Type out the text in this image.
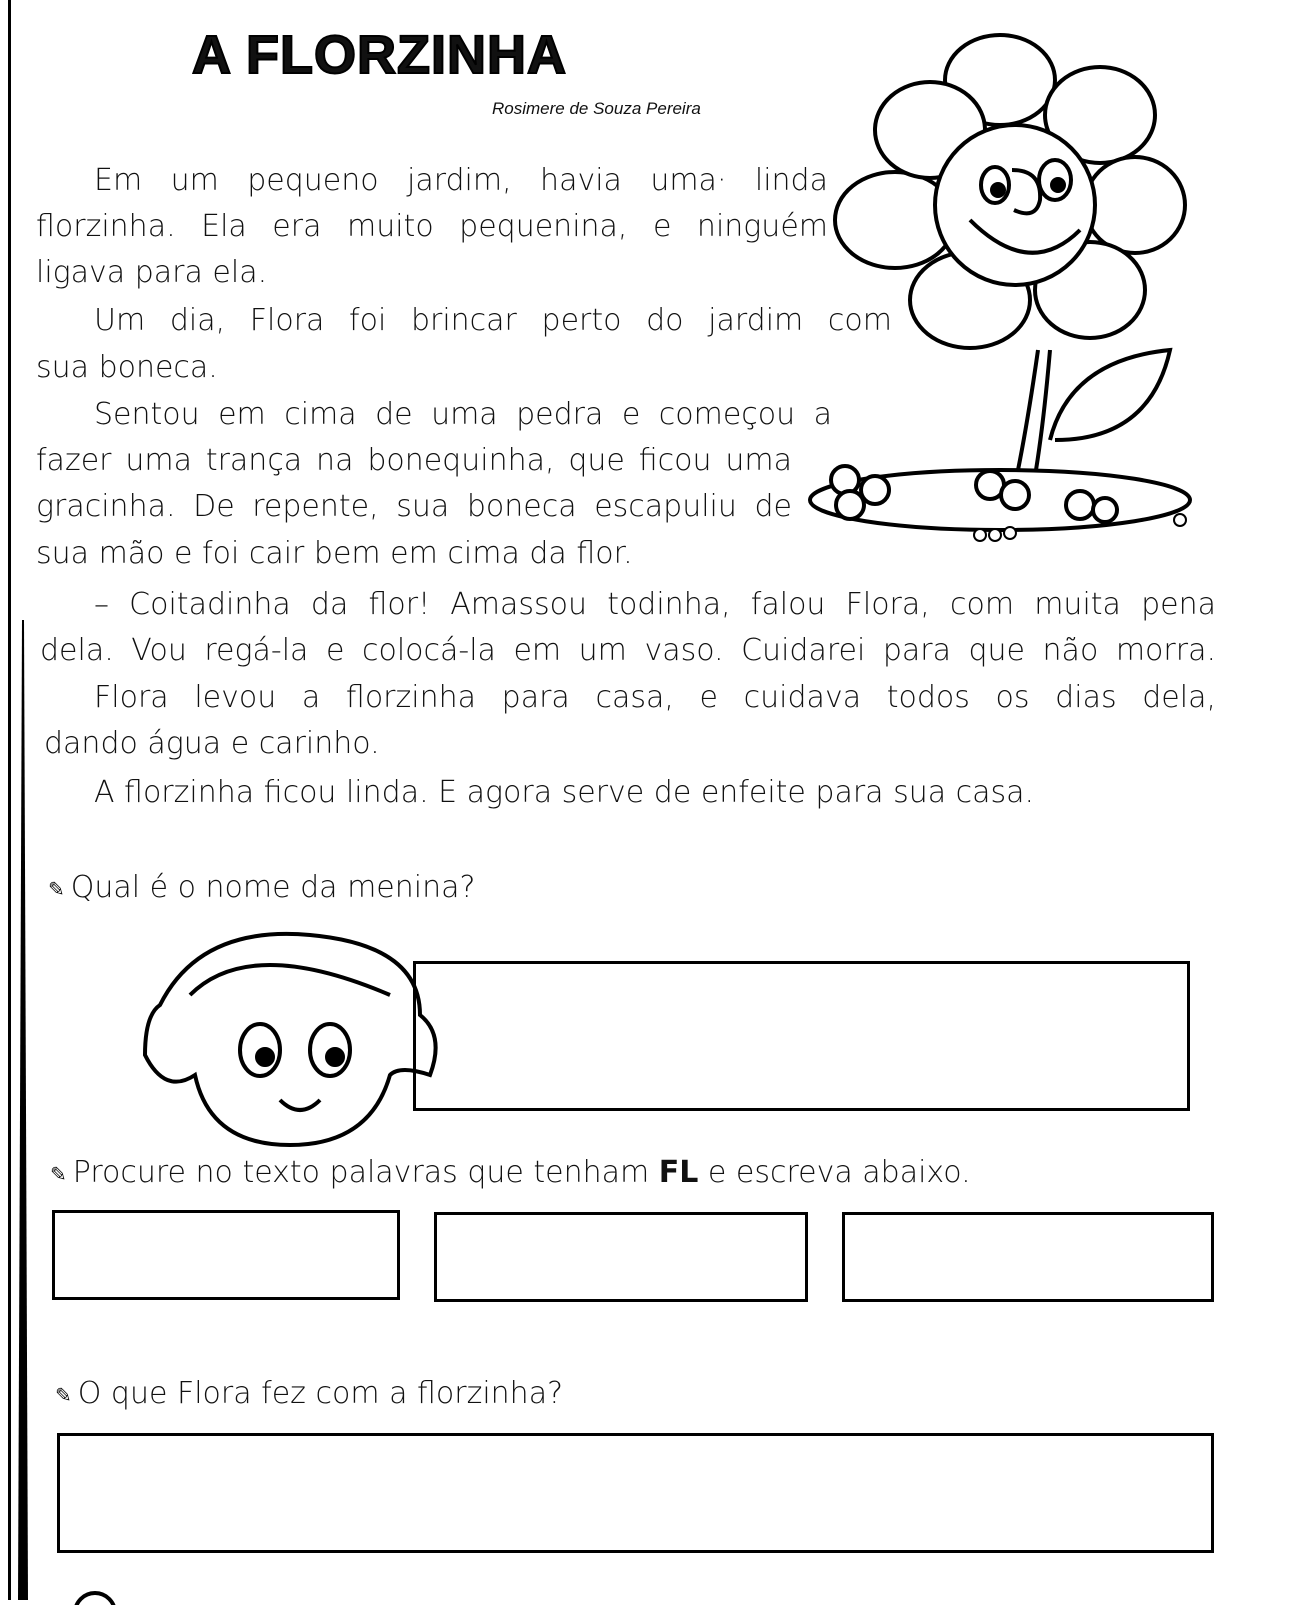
A FLORZINHA
Rosimere de Souza Pereira
Em um pequeno jardim, havia uma· linda
florzinha. Ela era muito pequenina, e ninguém
ligava para ela.
Um dia, Flora foi brincar perto do jardim com
sua boneca.
Sentou em cima de uma pedra e começou a
fazer uma trança na bonequinha, que ficou uma
gracinha. De repente, sua boneca escapuliu de
sua mão e foi cair bem em cima da flor.
– Coitadinha da flor! Amassou todinha, falou Flora, com muita pena
dela. Vou regá-la e colocá-la em um vaso. Cuidarei para que não morra.
Flora levou a florzinha para casa, e cuidava todos os dias dela,
dando água e carinho.
A florzinha ficou linda. E agora serve de enfeite para sua casa.
✎ Qual é o nome da menina?
✎ Procure no texto palavras que tenham FL e escreva abaixo.
✎ O que Flora fez com a florzinha?
